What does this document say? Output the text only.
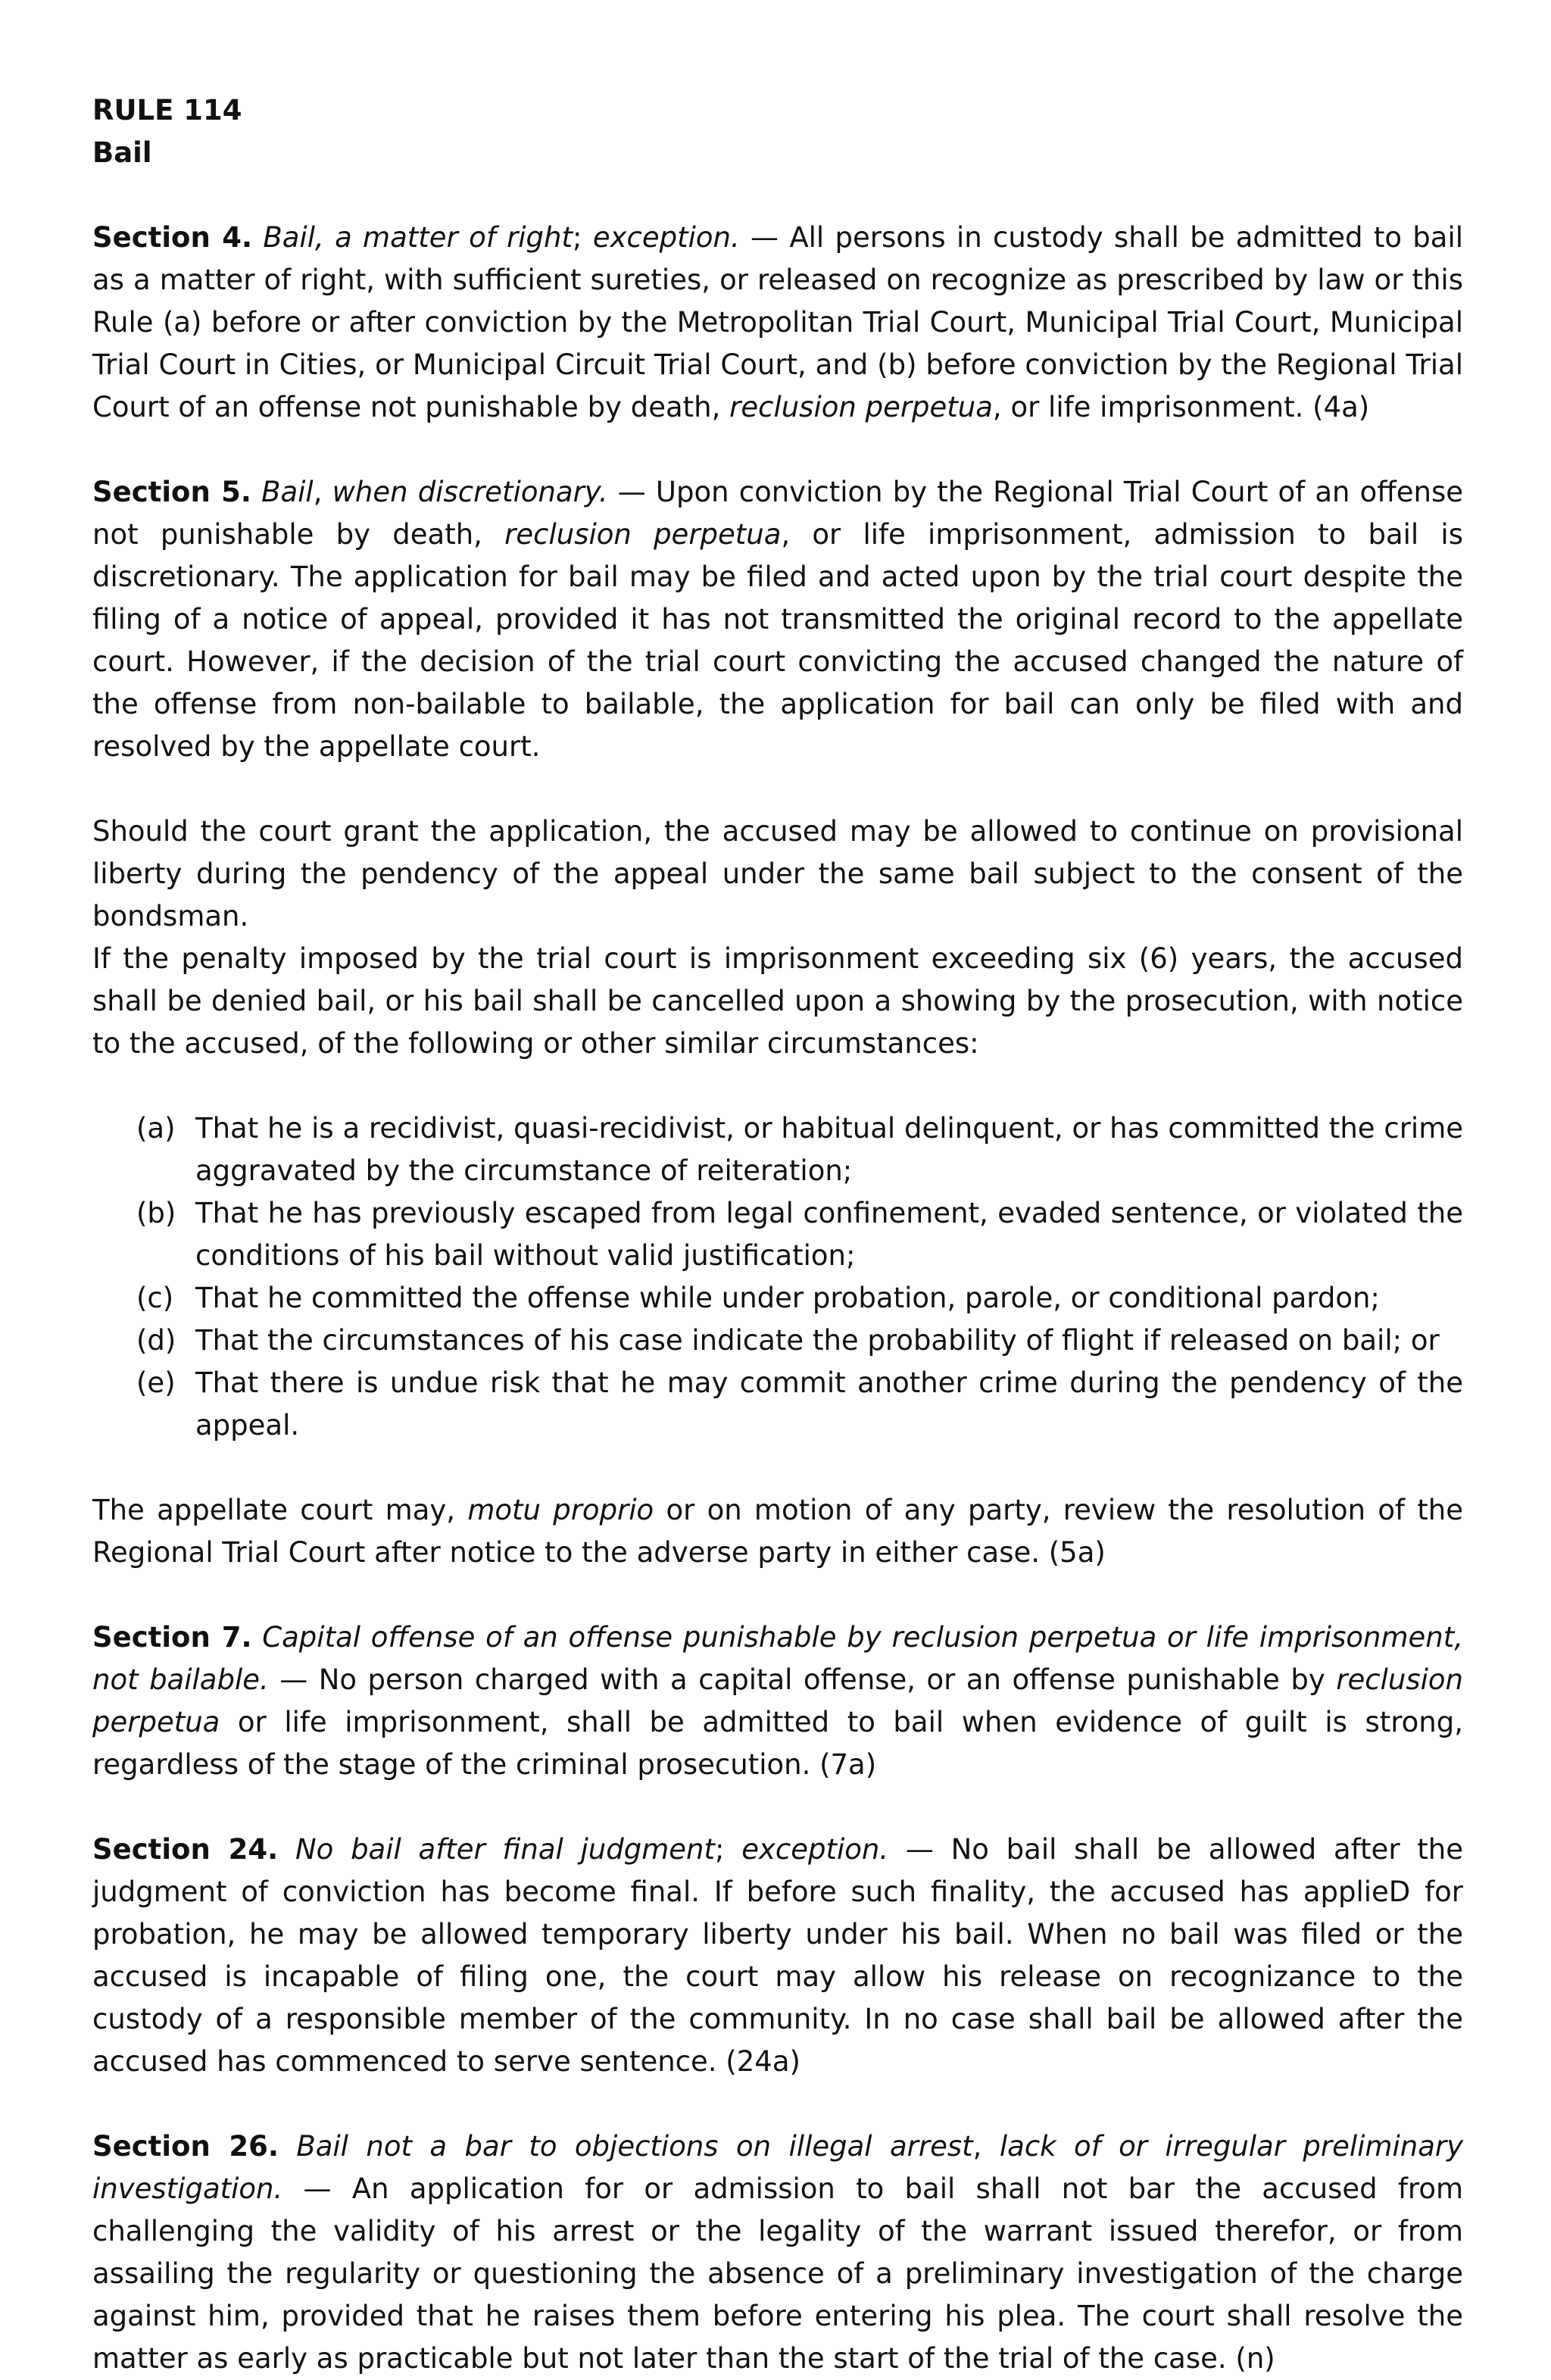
RULE 114

Bail

Section 4. Bail, a matter of right; exception. — All persons in custody shall be admitted to bail as a matter of right, with sufficient sureties, or released on recognize as prescribed by law or this Rule (a) before or after conviction by the Metropolitan Trial Court, Municipal Trial Court, Municipal Trial Court in Cities, or Municipal Circuit Trial Court, and (b) before conviction by the Regional Trial Court of an offense not punishable by death, reclusion perpetua, or life imprisonment. (4a)

Section 5. Bail, when discretionary. — Upon conviction by the Regional Trial Court of an offense not punishable by death, reclusion perpetua, or life imprisonment, admission to bail is discretionary. The application for bail may be filed and acted upon by the trial court despite the filing of a notice of appeal, provided it has not transmitted the original record to the appellate court. However, if the decision of the trial court convicting the accused changed the nature of the offense from non-bailable to bailable, the application for bail can only be filed with and resolved by the appellate court.

Should the court grant the application, the accused may be allowed to continue on provisional liberty during the pendency of the appeal under the same bail subject to the consent of the bondsman.

If the penalty imposed by the trial court is imprisonment exceeding six (6) years, the accused shall be denied bail, or his bail shall be cancelled upon a showing by the prosecution, with notice to the accused, of the following or other similar circumstances:

(a) That he is a recidivist, quasi-recidivist, or habitual delinquent, or has committed the crime aggravated by the circumstance of reiteration;
(b) That he has previously escaped from legal confinement, evaded sentence, or violated the conditions of his bail without valid justification;
(c) That he committed the offense while under probation, parole, or conditional pardon;
(d) That the circumstances of his case indicate the probability of flight if released on bail; or
(e) That there is undue risk that he may commit another crime during the pendency of the appeal.

The appellate court may, motu proprio or on motion of any party, review the resolution of the Regional Trial Court after notice to the adverse party in either case. (5a)

Section 7. Capital offense of an offense punishable by reclusion perpetua or life imprisonment, not bailable. — No person charged with a capital offense, or an offense punishable by reclusion perpetua or life imprisonment, shall be admitted to bail when evidence of guilt is strong, regardless of the stage of the criminal prosecution. (7a)

Section 24. No bail after final judgment; exception. — No bail shall be allowed after the judgment of conviction has become final. If before such finality, the accused has applieD for probation, he may be allowed temporary liberty under his bail. When no bail was filed or the accused is incapable of filing one, the court may allow his release on recognizance to the custody of a responsible member of the community. In no case shall bail be allowed after the accused has commenced to serve sentence. (24a)

Section 26. Bail not a bar to objections on illegal arrest, lack of or irregular preliminary investigation. — An application for or admission to bail shall not bar the accused from challenging the validity of his arrest or the legality of the warrant issued therefor, or from assailing the regularity or questioning the absence of a preliminary investigation of the charge against him, provided that he raises them before entering his plea. The court shall resolve the matter as early as practicable but not later than the start of the trial of the case. (n)
